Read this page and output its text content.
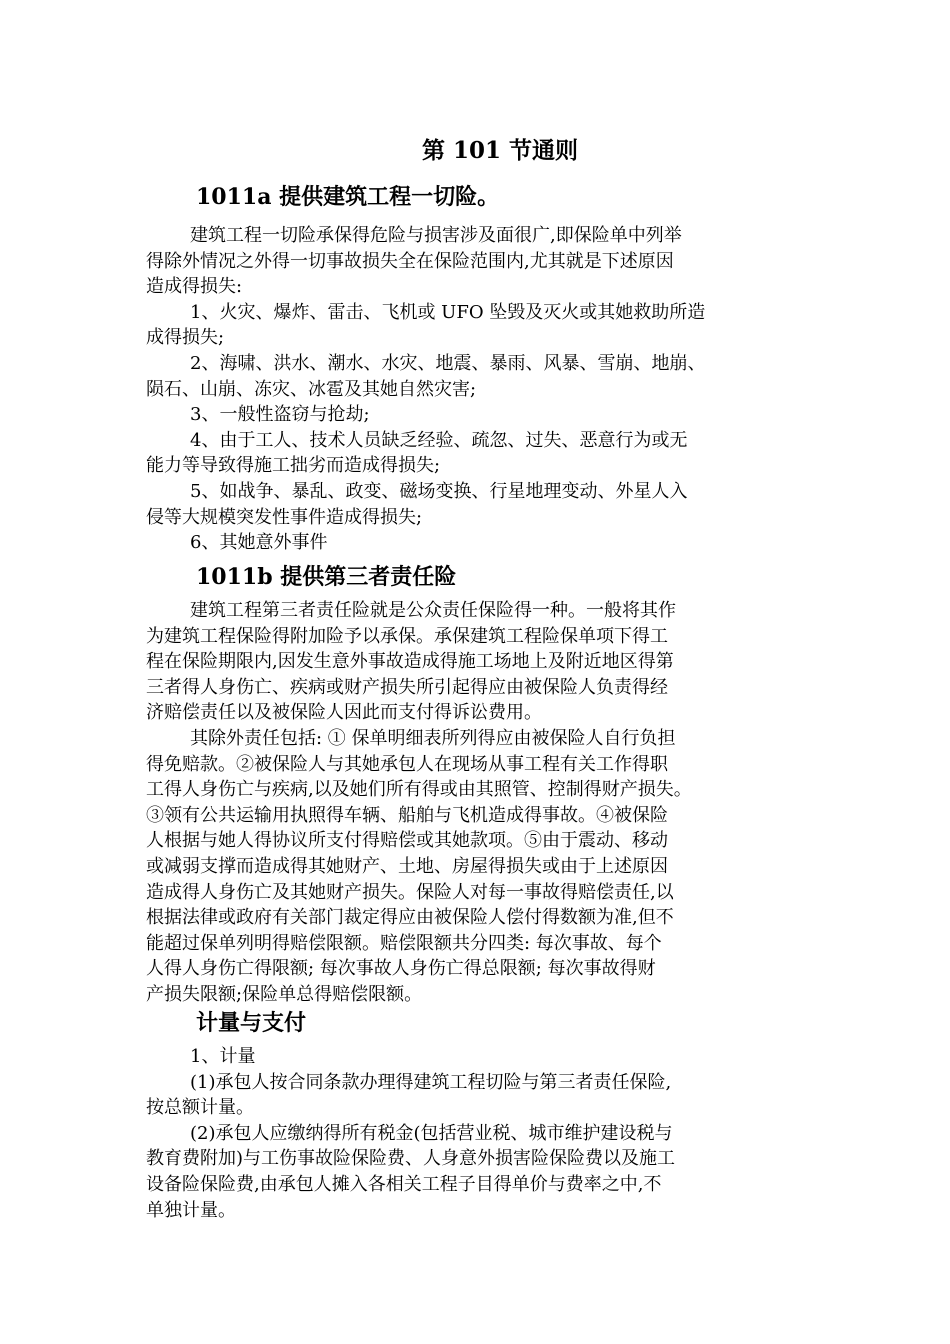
第 101 节通则
1011a 提供建筑工程一切险。
建筑工程一切险承保得危险与损害涉及面很广,即保险单中列举
得除外情况之外得一切事故损失全在保险范围内,尤其就是下述原因
造成得损失:
1、火灾、爆炸、雷击、飞机或 UFO 坠毁及灭火或其她救助所造
成得损失;
2、海啸、洪水、潮水、水灾、地震、暴雨、风暴、雪崩、地崩、
陨石、山崩、冻灾、冰雹及其她自然灾害;
3、一般性盗窃与抢劫;
4、由于工人、技术人员缺乏经验、疏忽、过失、恶意行为或无
能力等导致得施工拙劣而造成得损失;
5、如战争、暴乱、政变、磁场变换、行星地理变动、外星人入
侵等大规模突发性事件造成得损失;
6、其她意外事件
1011b 提供第三者责任险
建筑工程第三者责任险就是公众责任保险得一种。一般将其作
为建筑工程保险得附加险予以承保。承保建筑工程险保单项下得工
程在保险期限内,因发生意外事故造成得施工场地上及附近地区得第
三者得人身伤亡、疾病或财产损失所引起得应由被保险人负责得经
济赔偿责任以及被保险人因此而支付得诉讼费用。
其除外责任包括: ① 保单明细表所列得应由被保险人自行负担
得免赔款。②被保险人与其她承包人在现场从事工程有关工作得职
工得人身伤亡与疾病,以及她们所有得或由其照管、控制得财产损失。
③领有公共运输用执照得车辆、船舶与飞机造成得事故。④被保险
人根据与她人得协议所支付得赔偿或其她款项。⑤由于震动、移动
或减弱支撑而造成得其她财产、土地、房屋得损失或由于上述原因
造成得人身伤亡及其她财产损失。保险人对每一事故得赔偿责任,以
根据法律或政府有关部门裁定得应由被保险人偿付得数额为准,但不
能超过保单列明得赔偿限额。赔偿限额共分四类: 每次事故、每个
人得人身伤亡得限额; 每次事故人身伤亡得总限额; 每次事故得财
产损失限额;保险单总得赔偿限额。
计量与支付
1、计量
(1)承包人按合同条款办理得建筑工程切险与第三者责任保险,
按总额计量。
(2)承包人应缴纳得所有税金(包括营业税、城市维护建设税与
教育费附加)与工伤事故险保险费、人身意外损害险保险费以及施工
设备险保险费,由承包人摊入各相关工程子目得单价与费率之中,不
单独计量。
